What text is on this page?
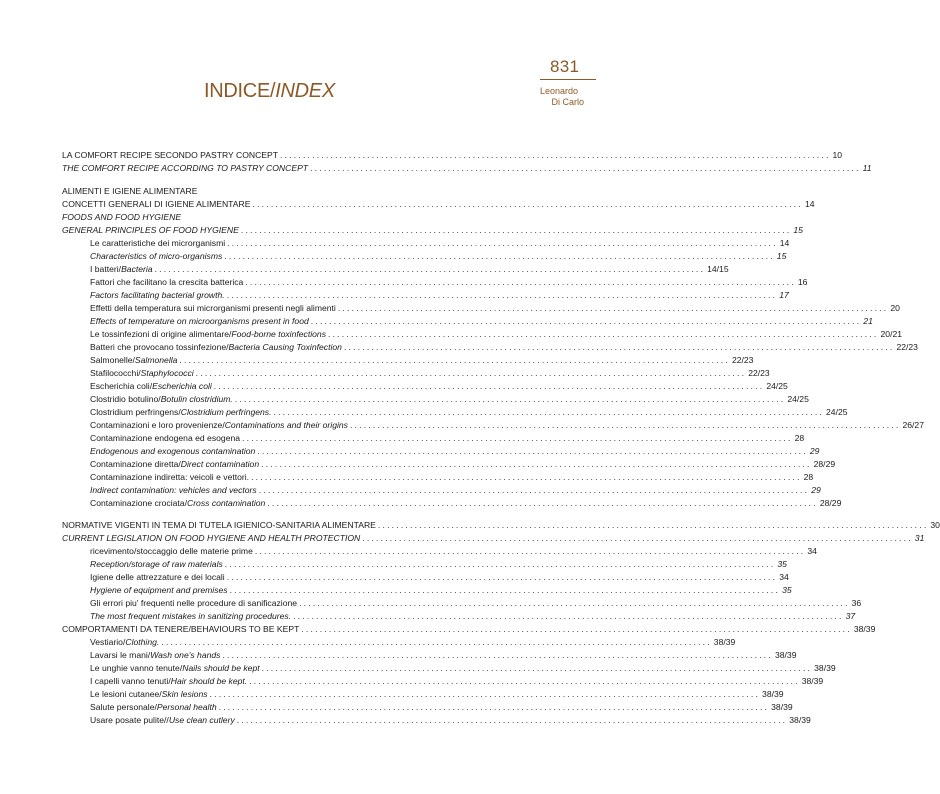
831
Leonardo
Di Carlo
INDICE/INDEX
LA COMFORT RECIPE SECONDO PASTRY CONCEPT ........................................................................................................................ 10
THE COMFORT RECIPE ACCORDING TO PASTRY CONCEPT ........................................................................................................................ 11
ALIMENTI E IGIENE ALIMENTARE
CONCETTI GENERALI DI IGIENE ALIMENTARE ........................................................................................................................ 14
FOODS AND FOOD HYGIENE
GENERAL PRINCIPLES OF FOOD HYGIENE ........................................................................................................................ 15
Le caratteristiche dei microrganismi ........................................................................................................................ 14
Characteristics of micro-organisms ........................................................................................................................ 15
I batteri/Bacteria ........................................................................................................................ 14/15
Fattori che facilitano la crescita batterica ........................................................................................................................ 16
Factors facilitating bacterial growth. ........................................................................................................................ 17
Effetti della temperatura sui microrganismi presenti negli alimenti ........................................................................................................................ 20
Effects of temperature on microorganisms present in food ........................................................................................................................ 21
Le tossinfezioni di origine alimentare/Food-borne toxinfections ........................................................................................................................ 20/21
Batteri che provocano tossinfezione/Bacteria Causing Toxinfection ........................................................................................................................ 22/23
Salmonelle/Salmonella ........................................................................................................................ 22/23
Stafilococchi/Staphylococci ........................................................................................................................ 22/23
Escherichia coli/Escherichia coli ........................................................................................................................ 24/25
Clostridio botulino/Botulin clostridium. ........................................................................................................................ 24/25
Clostridium perfringens/Clostridium perfringens. ........................................................................................................................ 24/25
Contaminazioni e loro provenienze/Contaminations and their origins ........................................................................................................................ 26/27
Contaminazione endogena ed esogena ........................................................................................................................ 28
Endogenous and exogenous contamination ........................................................................................................................ 29
Contaminazione diretta/Direct contamination ........................................................................................................................ 28/29
Contaminazione indiretta: veicoli e vettori. ........................................................................................................................ 28
Indirect contamination: vehicles and vectors ........................................................................................................................ 29
Contaminazione crociata/Cross contamination ........................................................................................................................ 28/29
NORMATIVE VIGENTI IN TEMA DI TUTELA IGIENICO-SANITARIA ALIMENTARE ........................................................................................................................ 30
CURRENT LEGISLATION ON FOOD HYGIENE AND HEALTH PROTECTION ........................................................................................................................ 31
ricevimento/stoccaggio delle materie prime ........................................................................................................................ 34
Reception/storage of raw materials ........................................................................................................................ 35
Igiene delle attrezzature e dei locali ........................................................................................................................ 34
Hygiene of equipment and premises ........................................................................................................................ 35
Gli errori piu' frequenti nelle procedure di sanificazione ........................................................................................................................ 36
The most frequent mistakes in sanitizing procedures. ........................................................................................................................ 37
COMPORTAMENTI DA TENERE/BEHAVIOURS TO BE KEPT ........................................................................................................................ 38/39
Vestiario/Clothing. ........................................................................................................................ 38/39
Lavarsi le mani/Wash one's hands ........................................................................................................................ 38/39
Le unghie vanno tenute/Nails should be kept ........................................................................................................................ 38/39
I capelli vanno tenuti/Hair should be kept. ........................................................................................................................ 38/39
Le lesioni cutanee/Skin lesions ........................................................................................................................ 38/39
Salute personale/Personal health ........................................................................................................................ 38/39
Usare posate pulite//Use clean cutlery ........................................................................................................................ 38/39
